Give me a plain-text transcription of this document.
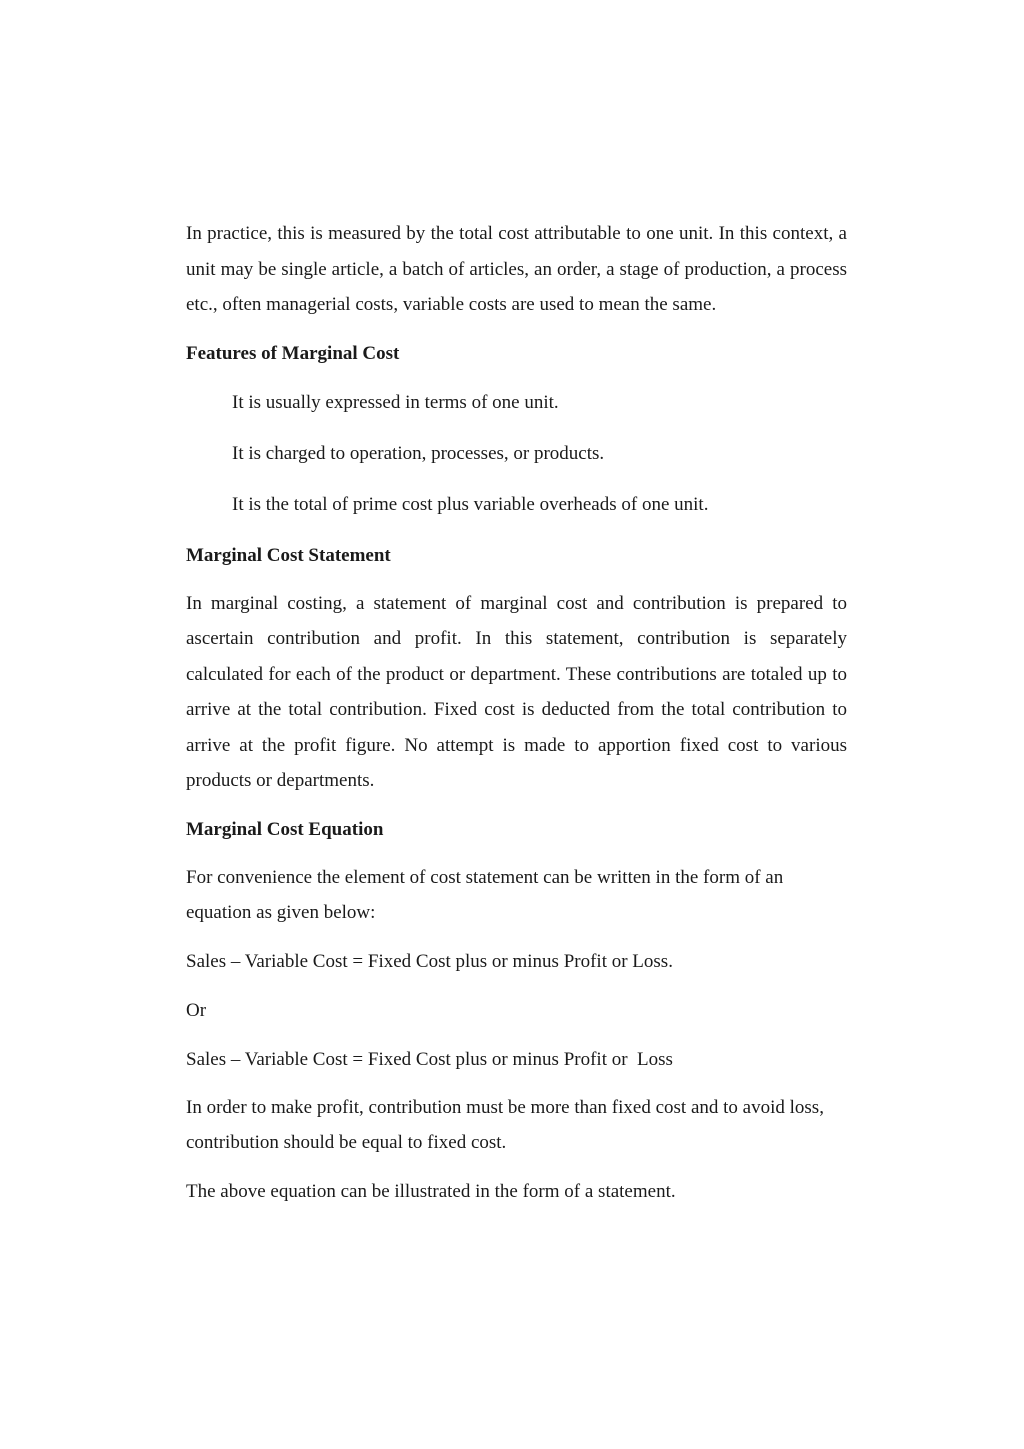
In practice, this is measured by the total cost attributable to one unit. In this context, a unit may be single article, a batch of articles, an order, a stage of production, a process etc., often managerial costs, variable costs are used to mean the same.

Features of Marginal Cost
It is usually expressed in terms of one unit.
It is charged to operation, processes, or products.
It is the total of prime cost plus variable overheads of one unit.
Marginal Cost Statement

In marginal costing, a statement of marginal cost and contribution is prepared to ascertain contribution and profit. In this statement, contribution is separately calculated for each of the product or department. These contributions are totaled up to arrive at the total contribution. Fixed cost is deducted from the total contribution to arrive at the profit figure. No attempt is made to apportion fixed cost to various products or departments.

Marginal Cost Equation

For convenience the element of cost statement can be written in the form of an equation as given below:

Sales – Variable Cost = Fixed Cost plus or minus Profit or Loss.
Or
Sales – Variable Cost = Fixed Cost plus or minus Profit or  Loss

In order to make profit, contribution must be more than fixed cost and to avoid loss, contribution should be equal to fixed cost.

The above equation can be illustrated in the form of a statement.
